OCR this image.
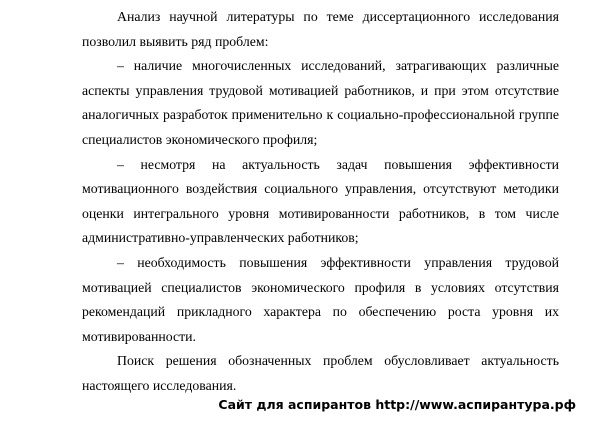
Анализ научной литературы по теме диссертационного исследования позволил выявить ряд проблем:

– наличие многочисленных исследований, затрагивающих различные аспекты управления трудовой мотивацией работников, и при этом отсутствие аналогичных разработок применительно к социально-профессиональной группе специалистов экономического профиля;

– несмотря на актуальность задач повышения эффективности мотивационного воздействия социального управления, отсутствуют методики оценки интегрального уровня мотивированности работников, в том числе административно-управленческих работников;

– необходимость повышения эффективности управления трудовой мотивацией специалистов экономического профиля в условиях отсутствия рекомендаций прикладного характера по обеспечению роста уровня их мотивированности.

Поиск решения обозначенных проблем обусловливает актуальность настоящего исследования.

Сайт для аспирантов http://www.аспирантура.рф
